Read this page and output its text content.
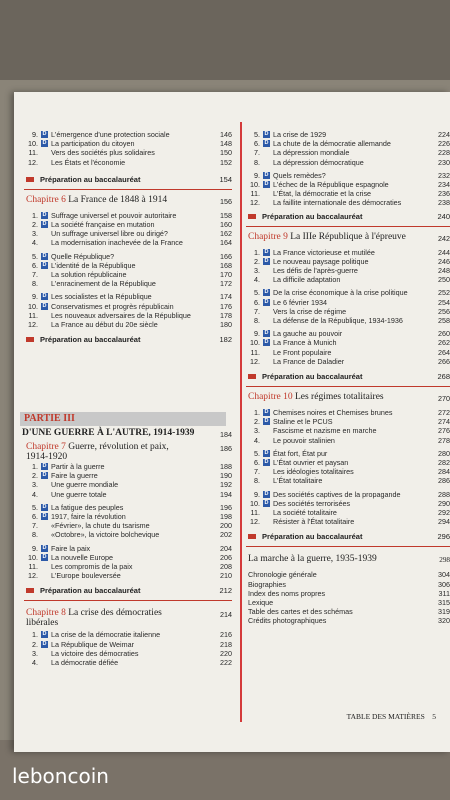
9. D L'émergence d'une protection sociale	146
10. D La participation du citoyen	148
11. Vers des sociétés plus solidaires	150
12. Les États et l'économie	152
Préparation au baccalauréat	154
Chapitre 6 La France de 1848 à 1914	156
1. D Suffrage universel et pouvoir autoritaire	158
2. D La société française en mutation	160
3. Un suffrage universel libre ou dirigé?	162
4. La modernisation inachevée de la France	164
5. D Quelle République?	166
6. D L'identité de la République	168
7. La solution républicaine	170
8. L'enracinement de la République	172
9. D Les socialistes et la République	174
10. D Conservatismes et progrès républicain	176
11. Les nouveaux adversaires de la République	178
12. La France au début du 20e siècle	180
Préparation au baccalauréat	182
PARTIE III
D'UNE GUERRE À L'AUTRE, 1914-1939	184
Chapitre 7 Guerre, révolution et paix,
1914-1920
186
1. D Partir à la guerre	188
2. D Faire la guerre	190
3. Une guerre mondiale	192
4. Une guerre totale	194
5. D La fatigue des peuples	196
6. D 1917, faire la révolution	198
7. «Février», la chute du tsarisme	200
8. «Octobre», la victoire bolchevique	202
9. D Faire la paix	204
10. D La nouvelle Europe	206
11. Les compromis de la paix	208
12. L'Europe bouleversée	210
Préparation au baccalauréat	212
Chapitre 8 La crise des démocraties
libérales
214
1. D La crise de la démocratie italienne	216
2. D La République de Weimar	218
3. La victoire des démocraties	220
4. La démocratie défiée	222
5. D La crise de 1929	224
6. D La chute de la démocratie allemande	226
7. La dépression mondiale	228
8. La dépression démocratique	230
9. D Quels remèdes?	232
10. D L'échec de la République espagnole	234
11. L'État, la démocratie et la crise	236
12. La faillite internationale des démocraties	238
Préparation au baccalauréat	240
Chapitre 9 La IIIe République à l'épreuve	242
1. D La France victorieuse et mutilée	244
2. D Le nouveau paysage politique	246
3. Les défis de l'après-guerre	248
4. La difficile adaptation	250
5. D De la crise économique à la crise politique	252
6. D Le 6 février 1934	254
7. Vers la crise de régime	256
8. La défense de la République, 1934-1936	258
9. D La gauche au pouvoir	260
10. D La France à Munich	262
11. Le Front populaire	264
12. La France de Daladier	266
Préparation au baccalauréat	268
Chapitre 10 Les régimes totalitaires	270
1. D Chemises noires et Chemises brunes	272
2. D Staline et le PCUS	274
3. Fascisme et nazisme en marche	276
4. Le pouvoir stalinien	278
5. D État fort, État pur	280
6. D L'État ouvrier et paysan	282
7. Les idéologies totalitaires	284
8. L'État totalitaire	286
9. D Des sociétés captives de la propagande	288
10. D Des sociétés terrorisées	290
11. La société totalitaire	292
12. Résister à l'État totalitaire	294
Préparation au baccalauréat	296
La marche à la guerre, 1935-1939	298
Chronologie générale	304
Biographies	306
Index des noms propres	311
Lexique	315
Table des cartes et des schémas	319
Crédits photographiques	320
TABLE DES MATIÈRES 5
leboncoin
